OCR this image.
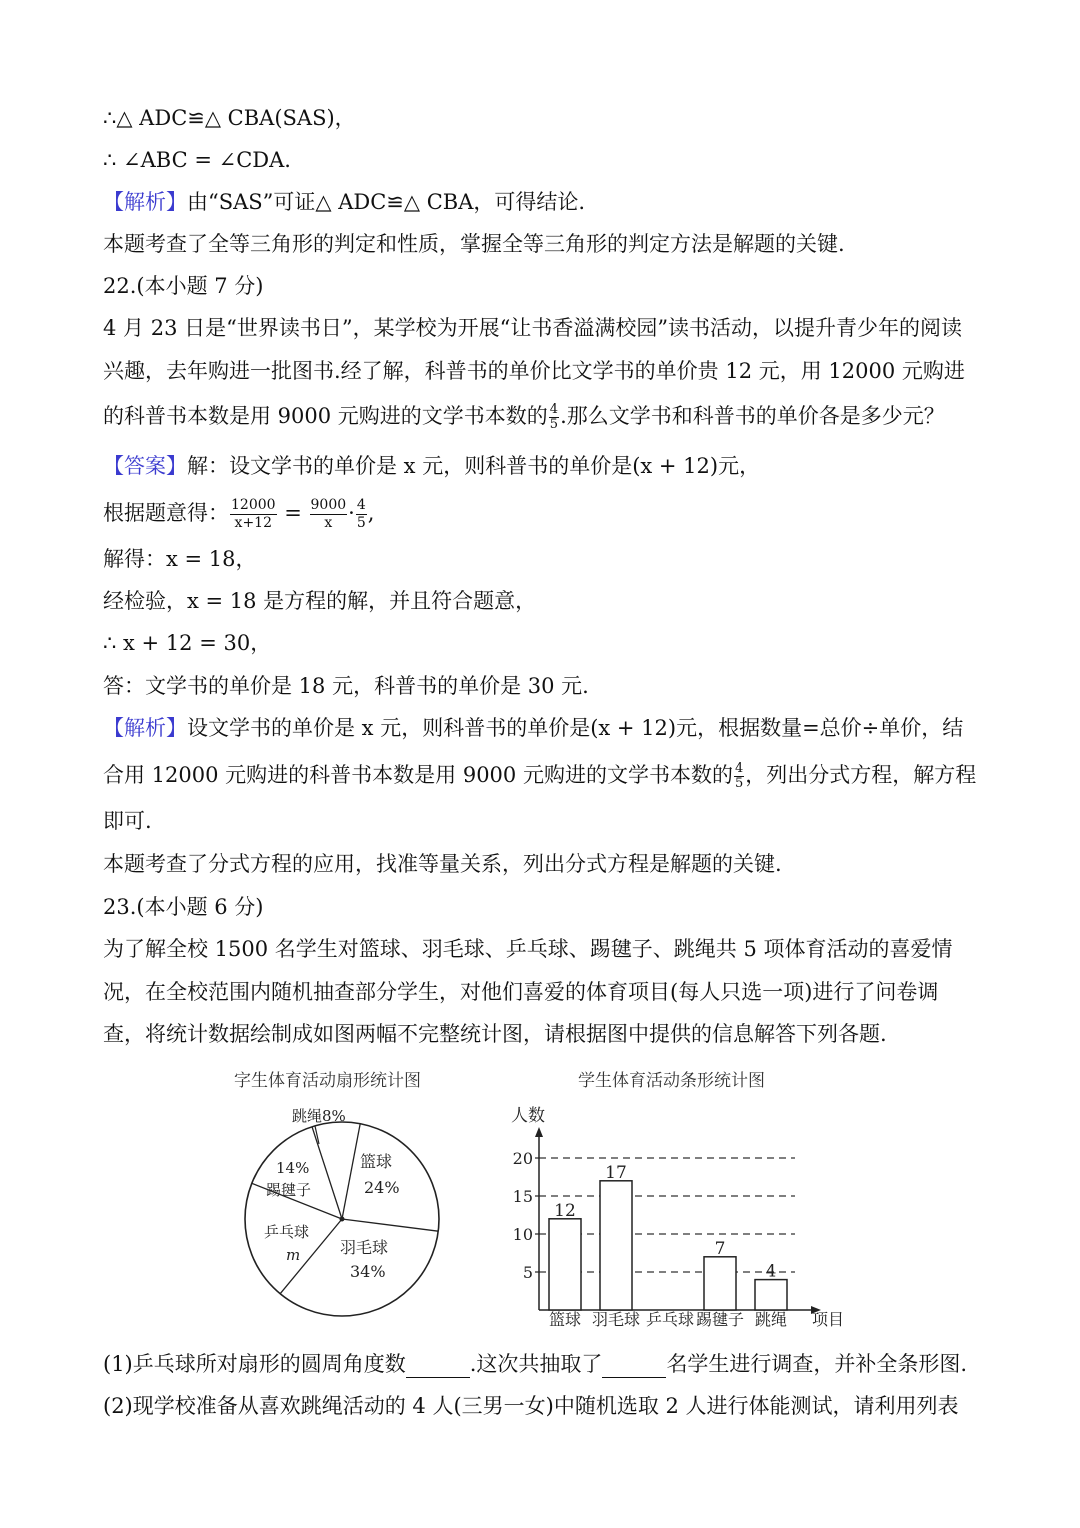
∴△ ADC≌△ CBA(SAS)，
∴ ∠ABC = ∠CDA.
【解析】由“SAS”可证△ ADC≌△ CBA，可得结论.
本题考查了全等三角形的判定和性质，掌握全等三角形的判定方法是解题的关键.
22.(本小题 7 分)
4 月 23 日是“世界读书日”，某学校为开展“让书香溢满校园”读书活动，以提升青少年的阅读
兴趣，去年购进一批图书.经了解，科普书的单价比文学书的单价贵 12 元，用 12000 元购进
的科普书本数是用 9000 元购进的文学书本数的 $\frac{4}{5}$ .那么文学书和科普书的单价各是多少元？
【答案】解：设文学书的单价是 x 元，则科普书的单价是(x + 12)元，
根据题意得： $\frac{12000}{x+12} = \frac{9000}{x} \cdot \frac{4}{5}$ ,
解得：x = 18，
经检验，x = 18 是方程的解，并且符合题意，
∴ x + 12 = 30，
答：文学书的单价是 18 元，科普书的单价是 30 元.
【解析】设文学书的单价是 x 元，则科普书的单价是(x + 12)元，根据数量=总价÷单价，结
合用 12000 元购进的科普书本数是用 9000 元购进的文学书本数的 $\frac{4}{5}$ ，列出分式方程，解方程
即可.
本题考查了分式方程的应用，找准等量关系，列出分式方程是解题的关键.
23.(本小题 6 分)
为了解全校 1500 名学生对篮球、羽毛球、乒乓球、踢毽子、跳绳共 5 项体育活动的喜爱情
况，在全校范围内随机抽查部分学生，对他们喜爱的体育项目(每人只选一项)进行了问卷调
查，将统计数据绘制成如图两幅不完整统计图，请根据图中提供的信息解答下列各题.
字生体育活动扇形统计图
跳绳8%
篮球
24%
羽毛球
34%
乒乓球
m
14%
踢毽子
学生体育活动条形统计图
人数
5
10
15
20
12
17
7
4
篮球 羽毛球 乒乓球 踢毽子 跳绳 项目
(1)乒乓球所对扇形的圆周角度数	.这次共抽取了	名学生进行调查，并补全条形图.
(2)现学校准备从喜欢跳绳活动的 4 人(三男一女)中随机选取 2 人进行体能测试，请利用列表
